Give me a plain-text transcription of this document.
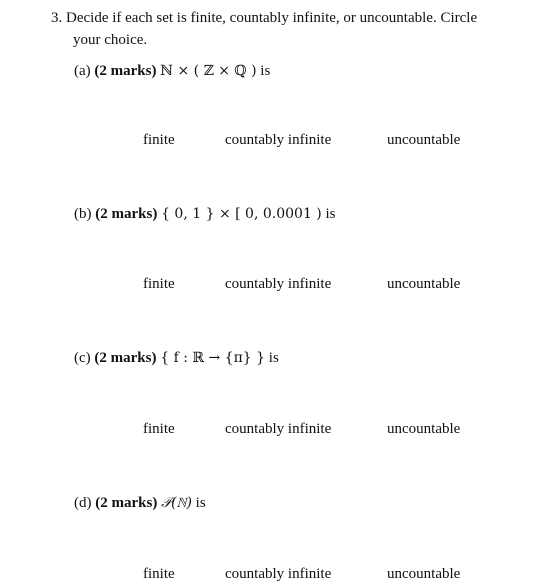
3. Decide if each set is finite, countably infinite, or uncountable. Circle
your choice.
(a) (2 marks) ℕ × ( ℤ × ℚ ) is
finite	countably infinite	uncountable
(b) (2 marks) { 0, 1 } × [ 0, 0.0001 ) is
finite	countably infinite	uncountable
(c) (2 marks) { f : ℝ → {π} } is
finite	countably infinite	uncountable
(d) (2 marks) 𝒫(ℕ) is
finite	countably infinite	uncountable
